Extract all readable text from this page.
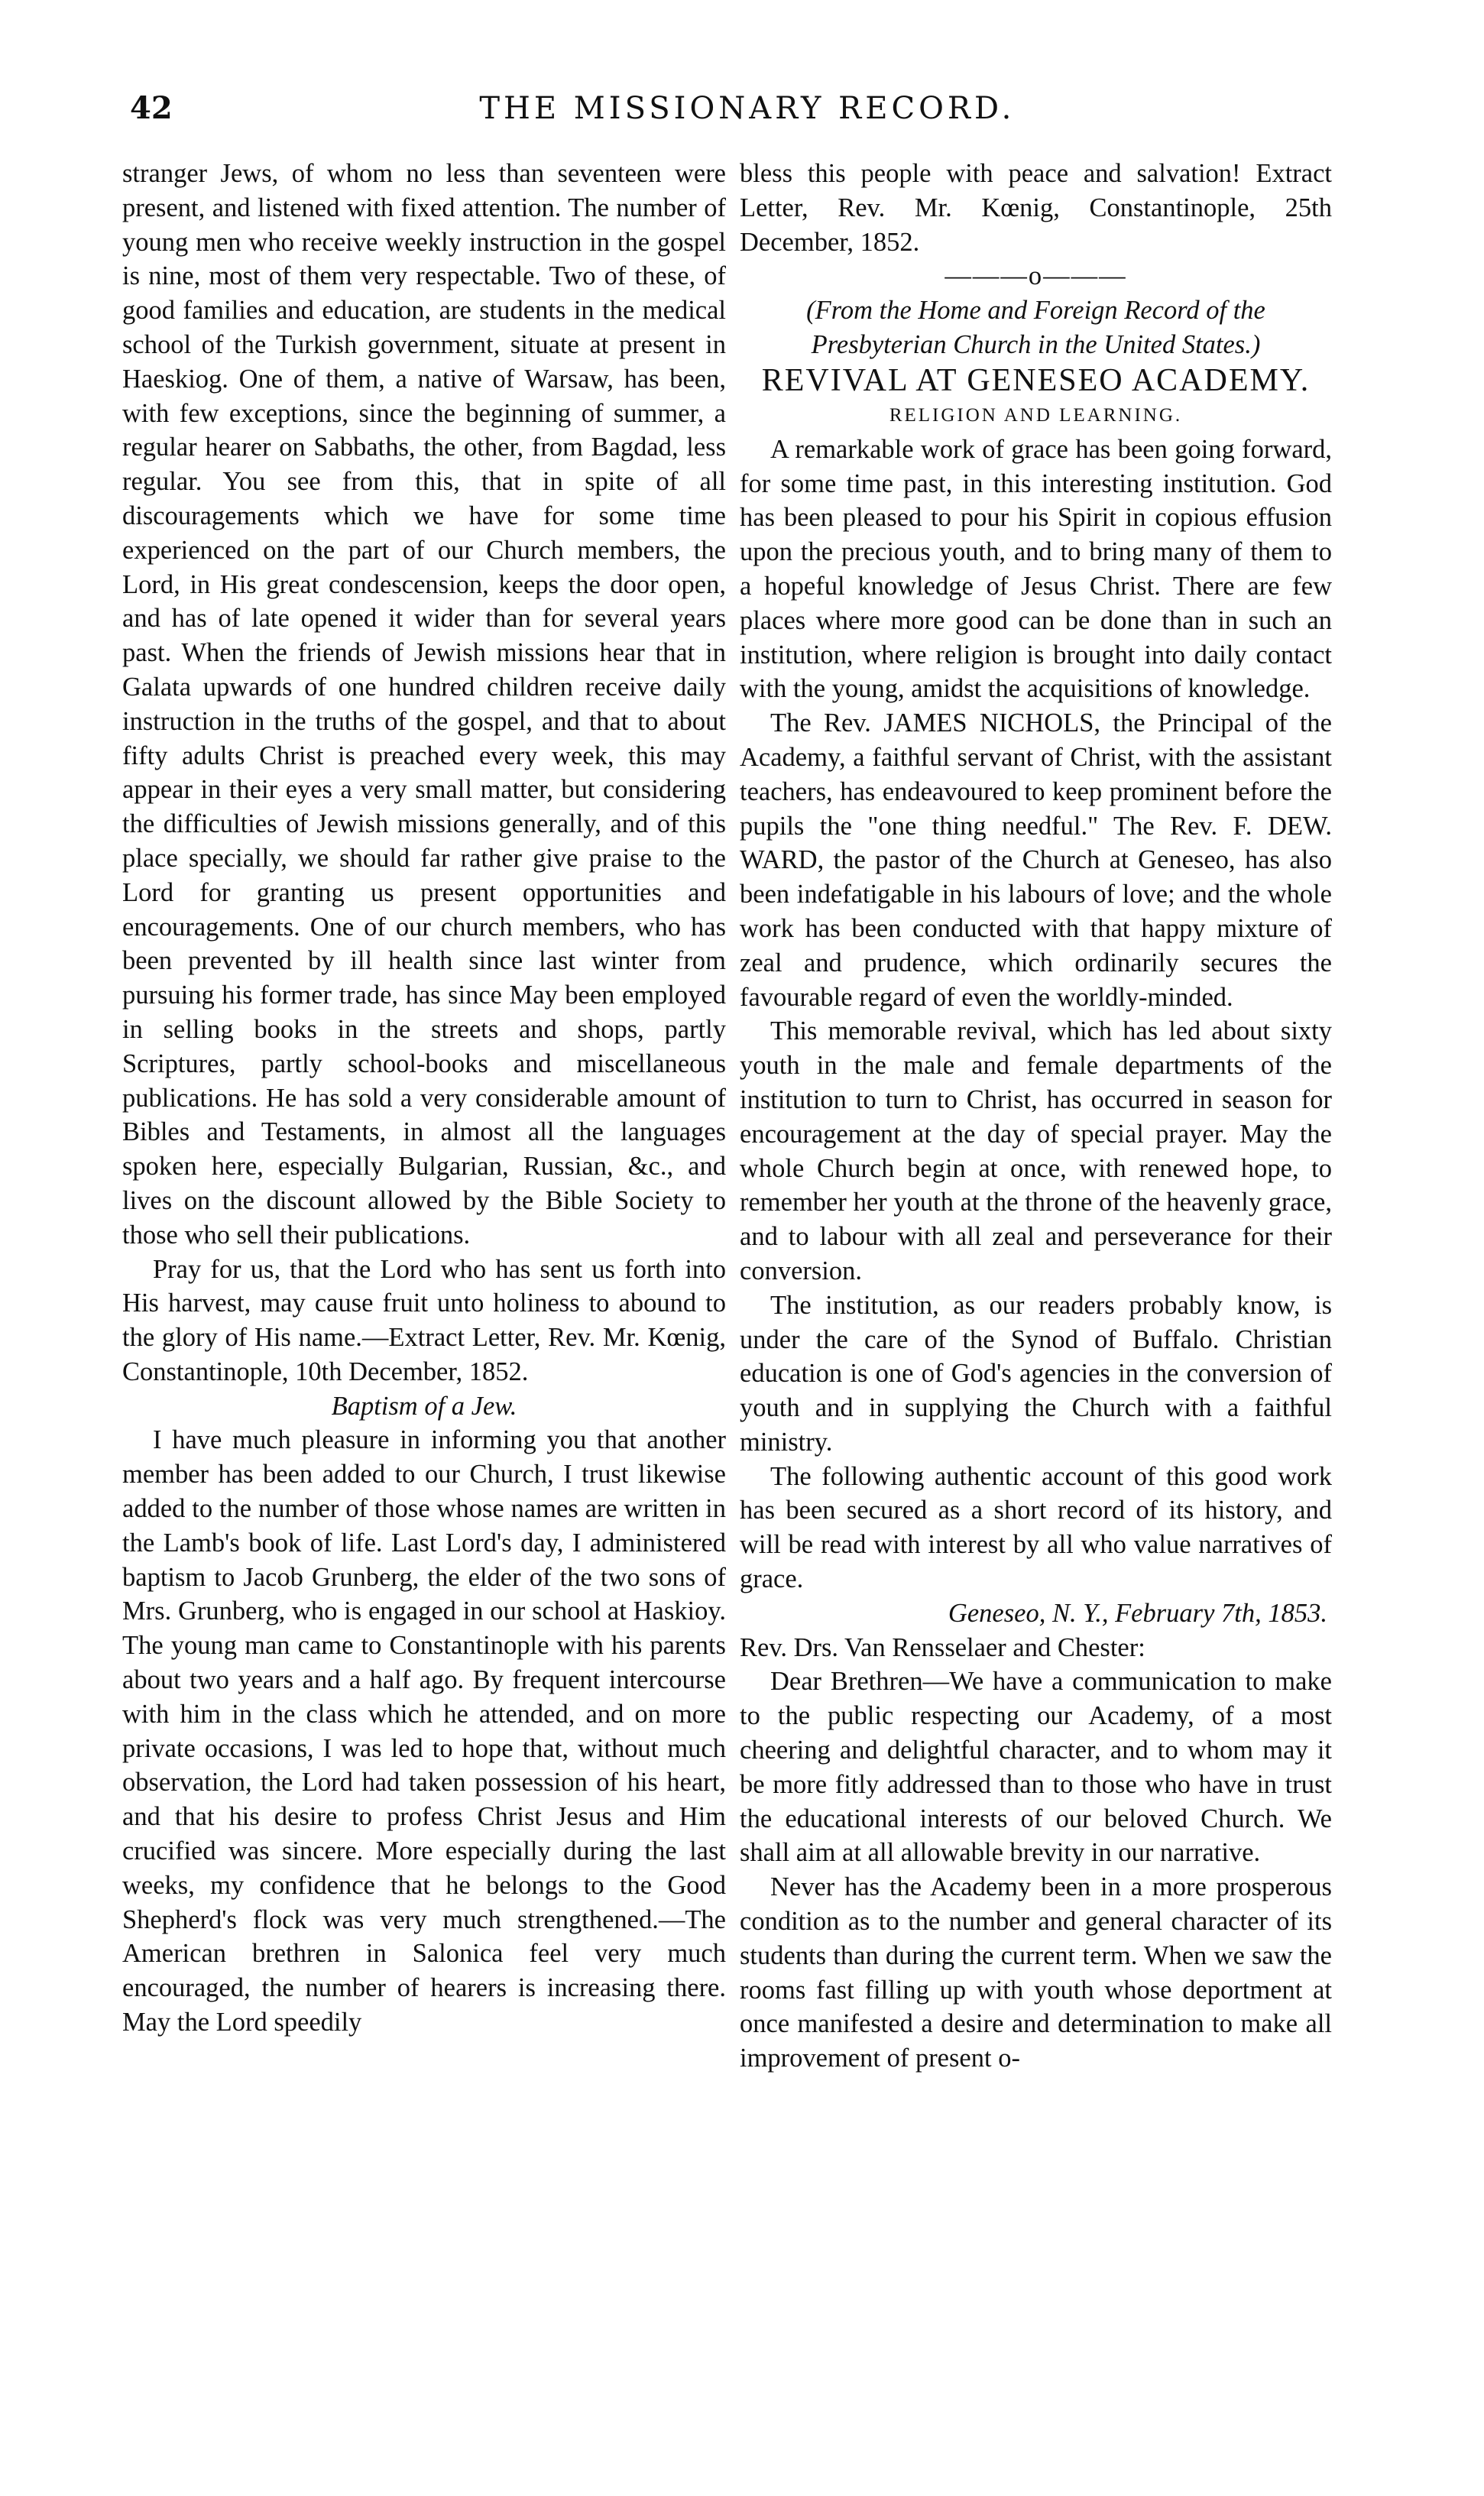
42	THE MISSIONARY RECORD.

stranger Jews, of whom no less than seventeen were present, and listened with fixed attention. The number of young men who receive weekly instruction in the gospel is nine, most of them very respectable. Two of these, of good families and education, are students in the medical school of the Turkish government, situate at present in Haeskiog. One of them, a native of Warsaw, has been, with few exceptions, since the beginning of summer, a regular hearer on Sabbaths, the other, from Bagdad, less regular. You see from this, that in spite of all discouragements which we have for some time experienced on the part of our Church members, the Lord, in His great condescension, keeps the door open, and has of late opened it wider than for several years past. When the friends of Jewish missions hear that in Galata upwards of one hundred children receive daily instruction in the truths of the gospel, and that to about fifty adults Christ is preached every week, this may appear in their eyes a very small matter, but considering the difficulties of Jewish missions generally, and of this place specially, we should far rather give praise to the Lord for granting us present opportunities and encouragements. One of our church members, who has been prevented by ill health since last winter from pursuing his former trade, has since May been employed in selling books in the streets and shops, partly Scriptures, partly school-books and miscellaneous publications. He has sold a very considerable amount of Bibles and Testaments, in almost all the languages spoken here, especially Bulgarian, Russian, &c., and lives on the discount allowed by the Bible Society to those who sell their publications.

Pray for us, that the Lord who has sent us forth into His harvest, may cause fruit unto holiness to abound to the glory of His name.—Extract Letter, Rev. Mr. Kœnig, Constantinople, 10th December, 1852.

Baptism of a Jew.

I have much pleasure in informing you that another member has been added to our Church, I trust likewise added to the number of those whose names are written in the Lamb's book of life. Last Lord's day, I administered baptism to Jacob Grunberg, the elder of the two sons of Mrs. Grunberg, who is engaged in our school at Haskioy. The young man came to Constantinople with his parents about two years and a half ago. By frequent intercourse with him in the class which he attended, and on more private occasions, I was led to hope that, without much observation, the Lord had taken possession of his heart, and that his desire to profess Christ Jesus and Him crucified was sincere. More especially during the last weeks, my confidence that he belongs to the Good Shepherd's flock was very much strengthened.—The American brethren in Salonica feel very much encouraged, the number of hearers is increasing there. May the Lord speedily

bless this people with peace and salvation! Extract Letter, Rev. Mr. Kœnig, Constantinople, 25th December, 1852.

———o———

(From the Home and Foreign Record of the Presbyterian Church in the United States.)

REVIVAL AT GENESEO ACADEMY.

RELIGION AND LEARNING.

A remarkable work of grace has been going forward, for some time past, in this interesting institution. God has been pleased to pour his Spirit in copious effusion upon the precious youth, and to bring many of them to a hopeful knowledge of Jesus Christ. There are few places where more good can be done than in such an institution, where religion is brought into daily contact with the young, amidst the acquisitions of knowledge.

The Rev. JAMES NICHOLS, the Principal of the Academy, a faithful servant of Christ, with the assistant teachers, has endeavoured to keep prominent before the pupils the "one thing needful." The Rev. F. DEW. WARD, the pastor of the Church at Geneseo, has also been indefatigable in his labours of love; and the whole work has been conducted with that happy mixture of zeal and prudence, which ordinarily secures the favourable regard of even the worldly-minded.

This memorable revival, which has led about sixty youth in the male and female departments of the institution to turn to Christ, has occurred in season for encouragement at the day of special prayer. May the whole Church begin at once, with renewed hope, to remember her youth at the throne of the heavenly grace, and to labour with all zeal and perseverance for their conversion.

The institution, as our readers probably know, is under the care of the Synod of Buffalo. Christian education is one of God's agencies in the conversion of youth and in supplying the Church with a faithful ministry.

The following authentic account of this good work has been secured as a short record of its history, and will be read with interest by all who value narratives of grace.

Geneseo, N. Y., February 7th, 1853.

Rev. Drs. Van Rensselaer and Chester:

Dear Brethren—We have a communication to make to the public respecting our Academy, of a most cheering and delightful character, and to whom may it be more fitly addressed than to those who have in trust the educational interests of our beloved Church. We shall aim at all allowable brevity in our narrative.

Never has the Academy been in a more prosperous condition as to the number and general character of its students than during the current term. When we saw the rooms fast filling up with youth whose deportment at once manifested a desire and determination to make all improvement of present o-
